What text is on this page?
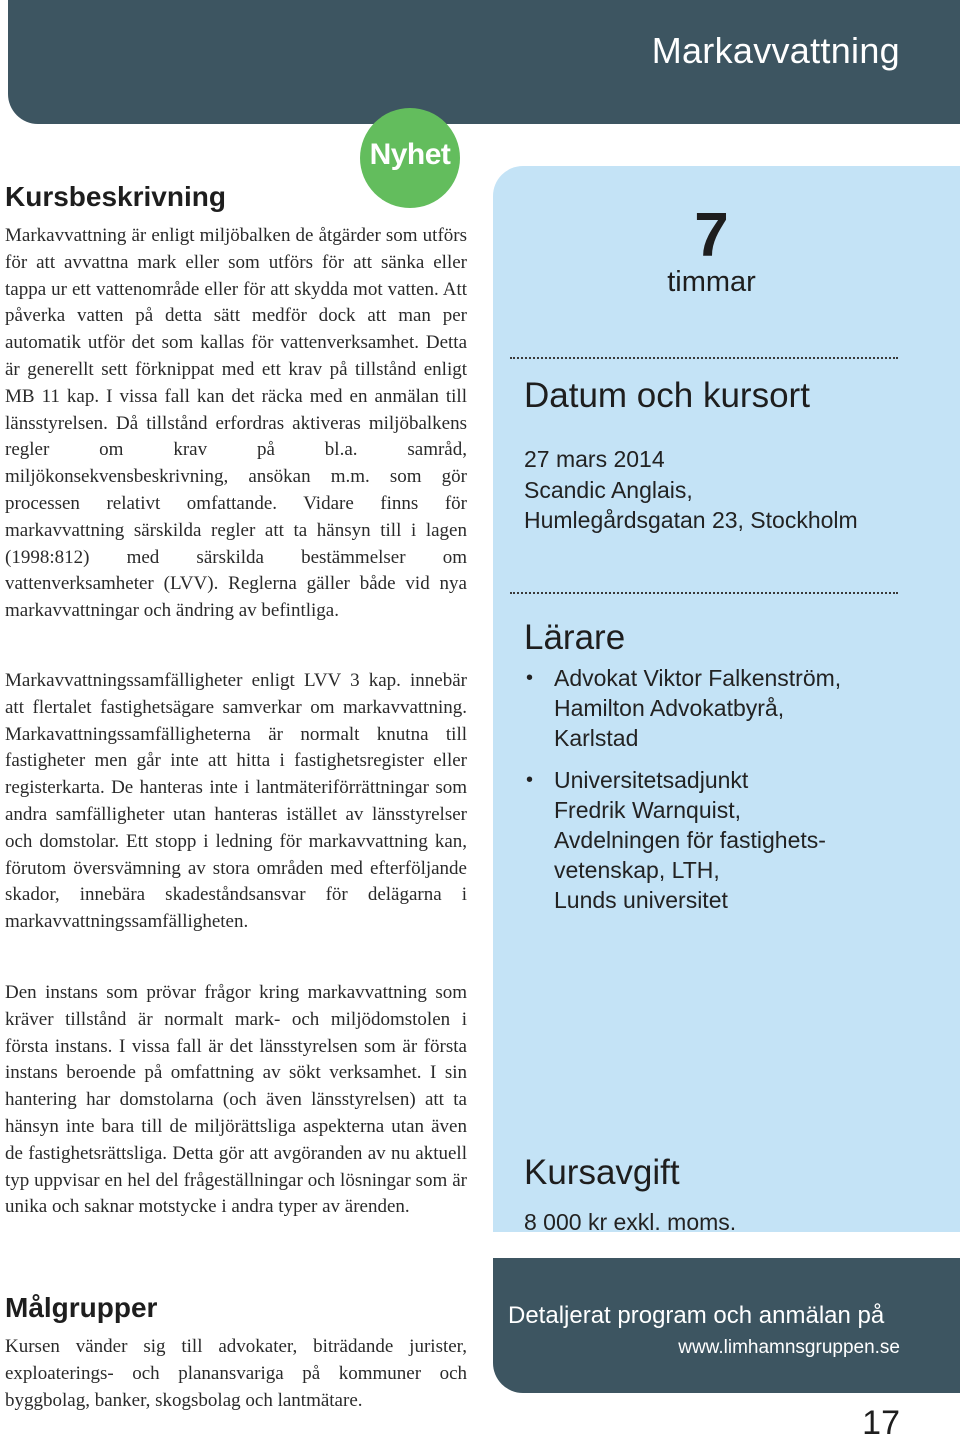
Markavvattning
Nyhet
Kursbeskrivning

Markavvattning är enligt miljöbalken de åtgärder som utförs för att avvattna mark eller som utförs för att sänka eller tappa ur ett vattenområde eller för att skydda mot vatten. Att påverka vatten på detta sätt medför dock att man per automatik utför det som kallas för vattenverksamhet. Detta är generellt sett förknippat med ett krav på tillstånd enligt MB 11 kap. I vissa fall kan det räcka med en anmälan till länsstyrelsen. Då tillstånd erfordras aktiveras miljöbalkens regler om krav på bl.a. samråd, miljökonsekvensbeskrivning, ansökan m.m. som gör processen relativt omfattande. Vidare finns för markavvattning särskilda regler att ta hänsyn till i lagen (1998:812) med särskilda bestämmelser om vattenverksamheter (LVV). Reglerna gäller både vid nya markavvattningar och ändring av befintliga.

Markavvattningssamfälligheter enligt LVV 3 kap. innebär att flertalet fastighetsägare samverkar om markavvattning. Markavattningssamfälligheterna är normalt knutna till fastigheter men går inte att hitta i fastighetsregister eller registerkarta. De hanteras inte i lantmäteriförrättningar som andra samfälligheter utan hanteras istället av länsstyrelser och domstolar. Ett stopp i ledning för markavvattning kan, förutom översvämning av stora områden med efterföljande skador, innebära skadeståndsansvar för delägarna i markavvattningssamfälligheten.

Den instans som prövar frågor kring markavvattning som kräver tillstånd är normalt mark- och miljödomstolen i första instans. I vissa fall är det länsstyrelsen som är första instans beroende på omfattning av sökt verksamhet. I sin hantering har domstolarna (och även länsstyrelsen) att ta hänsyn inte bara till de miljörättsliga aspekterna utan även de fastighetsrättsliga. Detta gör att avgöranden av nu aktuell typ uppvisar en hel del frågeställningar och lösningar som är unika och saknar motstycke i andra typer av ärenden.

Målgrupper

Kursen vänder sig till advokater, biträdande jurister, exploaterings- och planansvariga på kommuner och byggbolag, banker, skogsbolag och lantmätare.

7
timmar
Datum och kursort
27 mars 2014
Scandic Anglais,
Humlegårdsgatan 23, Stockholm
Lärare
• Advokat Viktor Falkenström,
Hamilton Advokatbyrå,
Karlstad
• Universitetsadjunkt
Fredrik Warnquist,
Avdelningen för fastighets-
vetenskap, LTH,
Lunds universitet
Kursavgift
8 000 kr exkl. moms.
Detaljerat program och anmälan på
www.limhamnsgruppen.se
17
